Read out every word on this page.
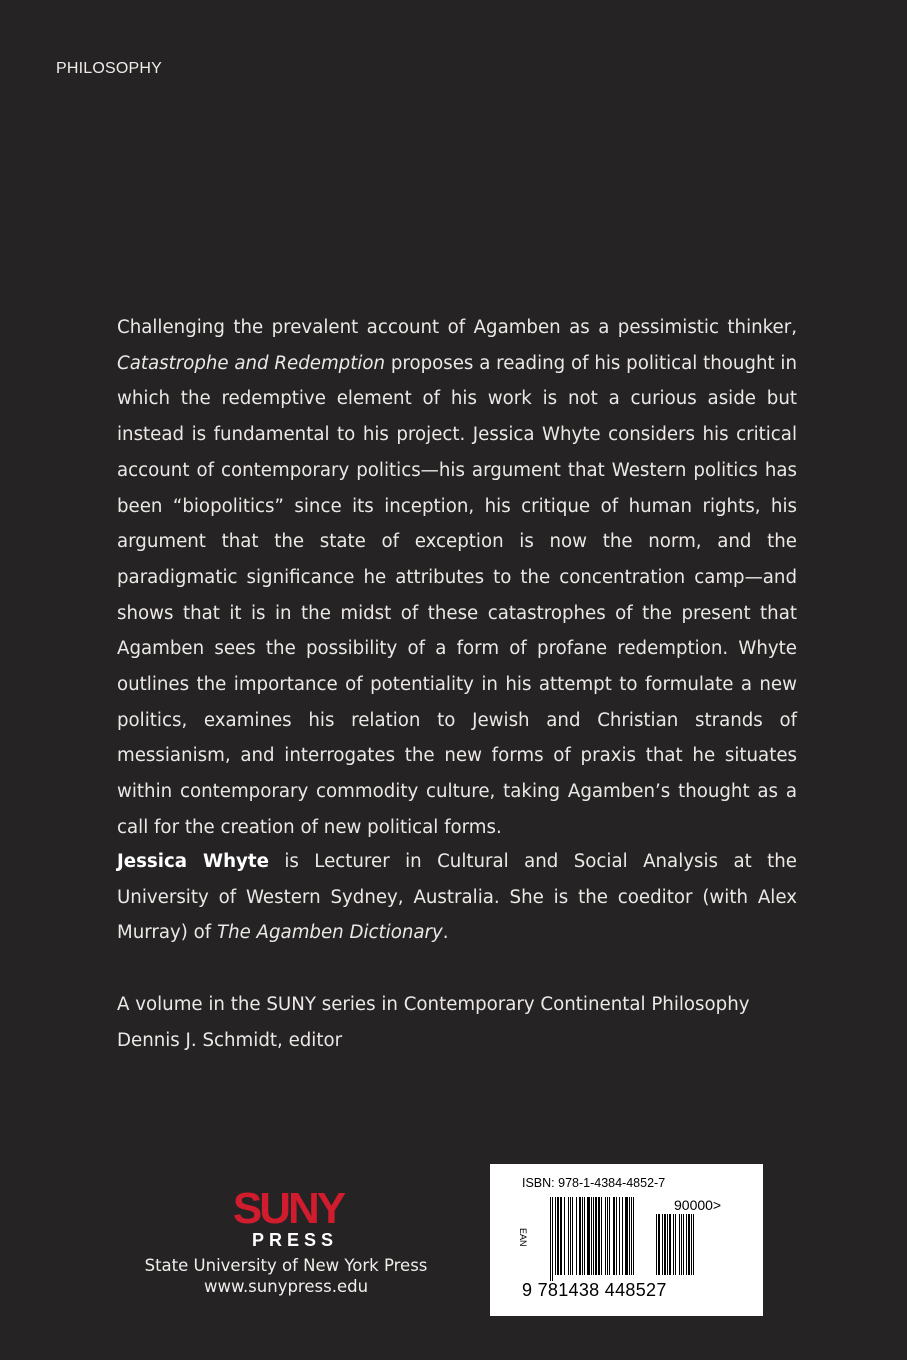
PHILOSOPHY

Challenging the prevalent account of Agamben as a pessimistic thinker, Catastrophe and Redemption proposes a reading of his political thought in which the redemptive element of his work is not a curious aside but instead is fundamental to his project. Jessica Whyte considers his critical account of contemporary politics—his argument that Western politics has been “biopolitics” since its inception, his critique of human rights, his argument that the state of exception is now the norm, and the paradigmatic significance he attributes to the concentration camp—and shows that it is in the midst of these catastrophes of the present that Agamben sees the possibility of a form of profane redemption. Whyte outlines the importance of potentiality in his attempt to formulate a new politics, examines his relation to Jewish and Christian strands of messianism, and interrogates the new forms of praxis that he situates within contemporary commodity culture, taking Agamben’s thought as a call for the creation of new political forms.

Jessica Whyte is Lecturer in Cultural and Social Analysis at the University of Western Sydney, Australia. She is the coeditor (with Alex Murray) of The Agamben Dictionary.

A volume in the SUNY series in Contemporary Continental Philosophy
Dennis J. Schmidt, editor

SUNY
PRESS
State University of New York Press
www.sunypress.edu
ISBN: 978-1-4384-4852-7
EAN
9 781438 448527
90000>
